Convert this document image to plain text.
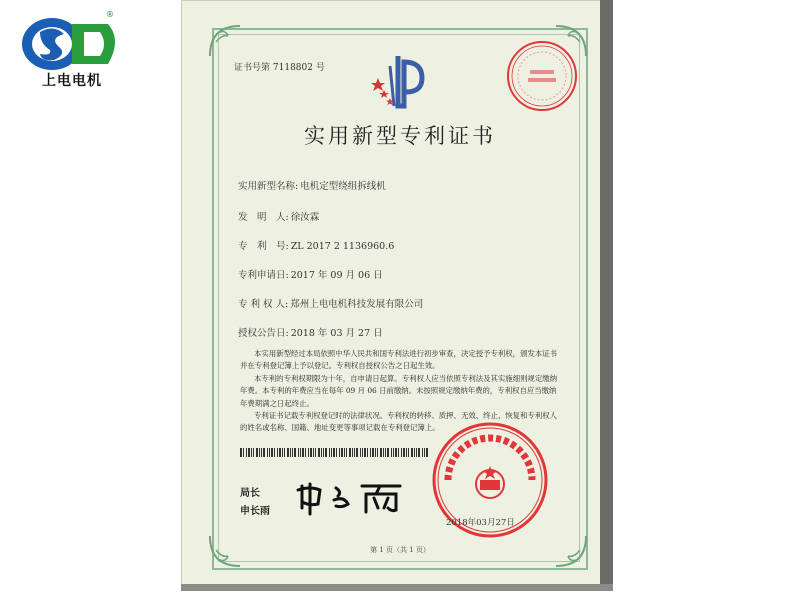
®
上电电机
证书号第 7118802 号
实用新型专利证书
实用新型名称: 电机定型绕组拆线机
发　明　人: 徐汝霖
专　利　号: ZL 2017 2 1136960.6
专利申请日: 2017 年 09 月 06 日
专 利 权 人: 郑州上电电机科技发展有限公司
授权公告日: 2018 年 03 月 27 日

本实用新型经过本局依照中华人民共和国专利法进行初步审查，决定授予专利权，颁发本证书并在专利登记簿上予以登记。专利权自授权公告之日起生效。

本专利的专利权期限为十年，自申请日起算。专利权人应当依照专利法及其实施细则规定缴纳年费。本专利的年费应当在每年 09 月 06 日前缴纳。未按照规定缴纳年费的，专利权自应当缴纳年费期满之日起终止。

专利证书记载专利权登记时的法律状况。专利权的转移、质押、无效、终止、恢复和专利权人的姓名或名称、国籍、地址变更等事项记载在专利登记簿上。

局长
申长雨
2018年03月27日
第 1 页（共 1 页）
